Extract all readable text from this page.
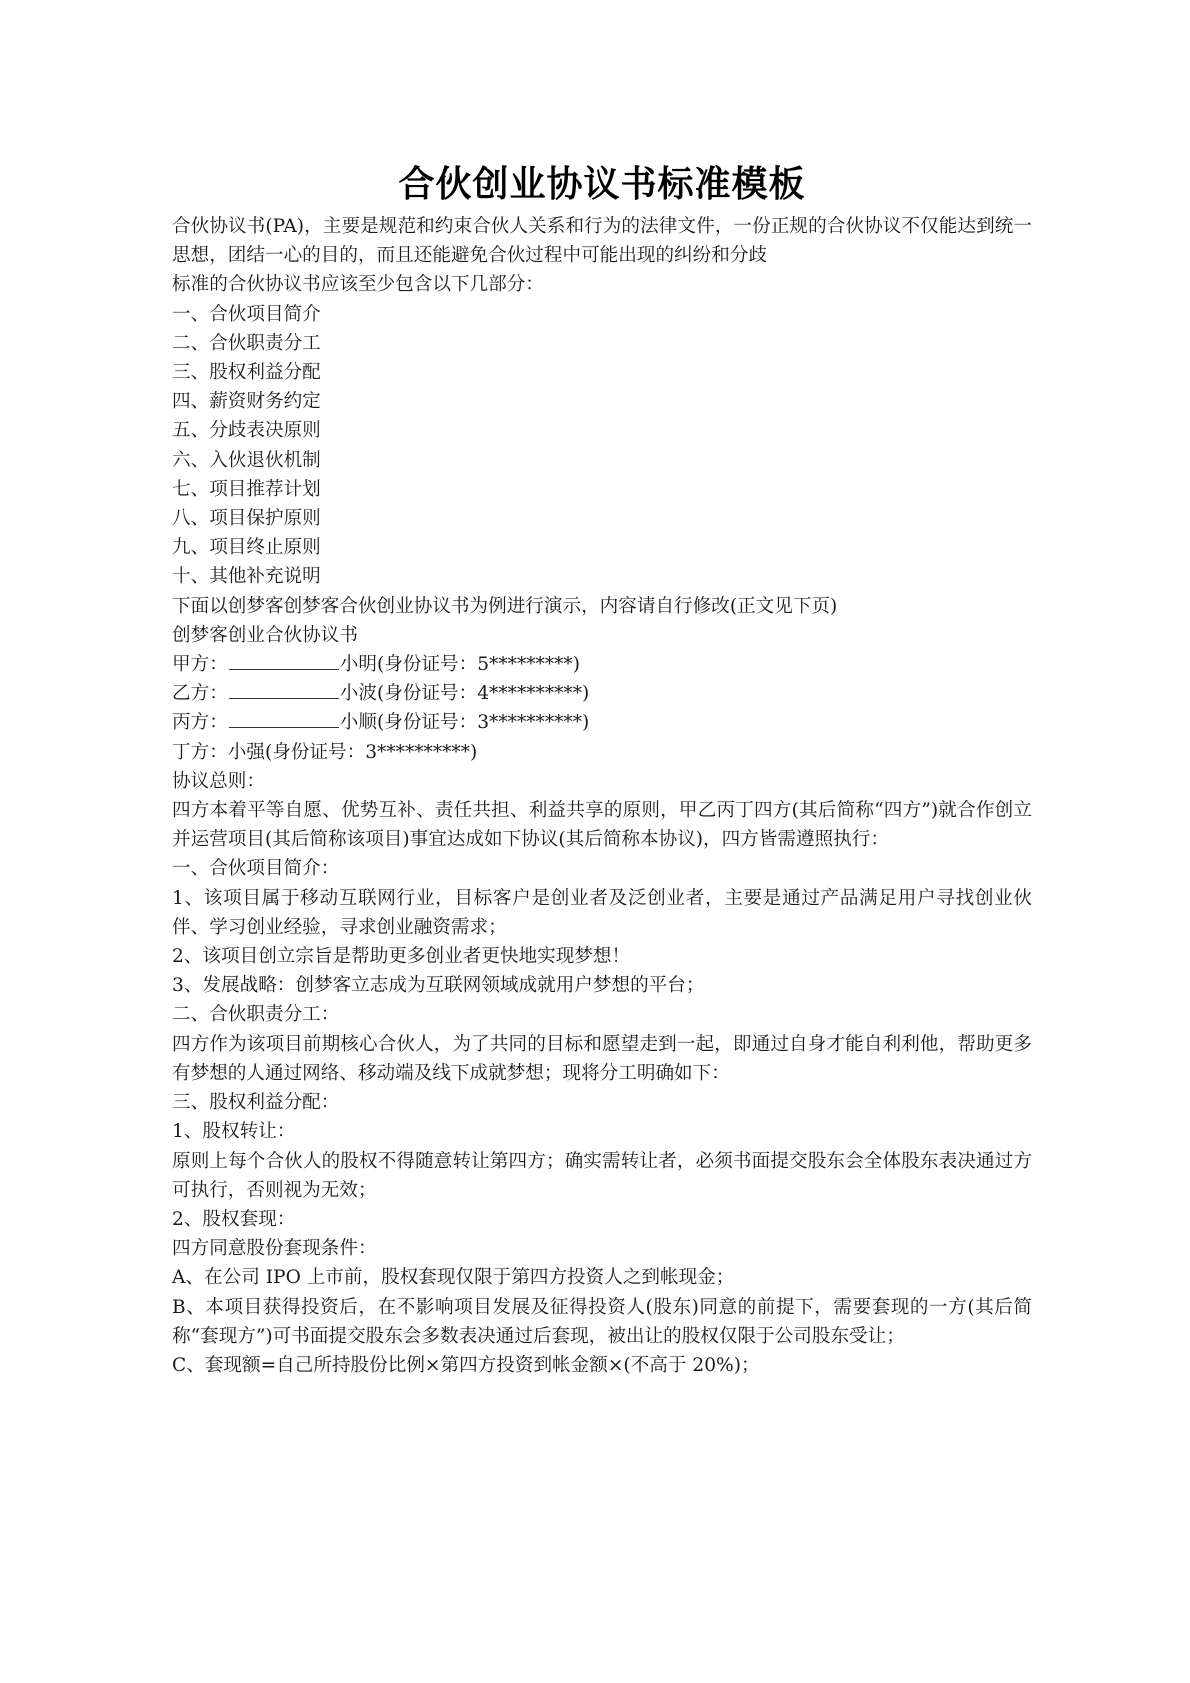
合伙创业协议书标准模板

合伙协议书(PA)，主要是规范和约束合伙人关系和行为的法律文件，一份正规的合伙协议不仅能达到统一思想，团结一心的目的，而且还能避免合伙过程中可能出现的纠纷和分歧

标准的合伙协议书应该至少包含以下几部分：

一、合伙项目简介

二、合伙职责分工

三、股权利益分配

四、薪资财务约定

五、分歧表决原则

六、入伙退伙机制

七、项目推荐计划

八、项目保护原则

九、项目终止原则

十、其他补充说明

下面以创梦客创梦客合伙创业协议书为例进行演示，内容请自行修改(正文见下页)

创梦客创业合伙协议书

甲方：	小明(身份证号：5*********)

乙方：	小波(身份证号：4**********)

丙方：	小顺(身份证号：3**********)

丁方：小强(身份证号：3**********)

协议总则：

四方本着平等自愿、优势互补、责任共担、利益共享的原则，甲乙丙丁四方(其后简称“四方”)就合作创立并运营项目(其后简称该项目)事宜达成如下协议(其后简称本协议)，四方皆需遵照执行：

一、合伙项目简介：

1、该项目属于移动互联网行业，目标客户是创业者及泛创业者，主要是通过产品满足用户寻找创业伙伴、学习创业经验，寻求创业融资需求；

2、该项目创立宗旨是帮助更多创业者更快地实现梦想！

3、发展战略：创梦客立志成为互联网领域成就用户梦想的平台；

二、合伙职责分工：

四方作为该项目前期核心合伙人，为了共同的目标和愿望走到一起，即通过自身才能自利利他，帮助更多有梦想的人通过网络、移动端及线下成就梦想；现将分工明确如下：

三、股权利益分配：

1、股权转让：

原则上每个合伙人的股权不得随意转让第四方；确实需转让者，必须书面提交股东会全体股东表决通过方可执行，否则视为无效；

2、股权套现：

四方同意股份套现条件：

A、在公司 IPO 上市前，股权套现仅限于第四方投资人之到帐现金；

B、本项目获得投资后，在不影响项目发展及征得投资人(股东)同意的前提下，需要套现的一方(其后简称“套现方”)可书面提交股东会多数表决通过后套现，被出让的股权仅限于公司股东受让；

C、套现额=自己所持股份比例×第四方投资到帐金额×(不高于 20%)；
